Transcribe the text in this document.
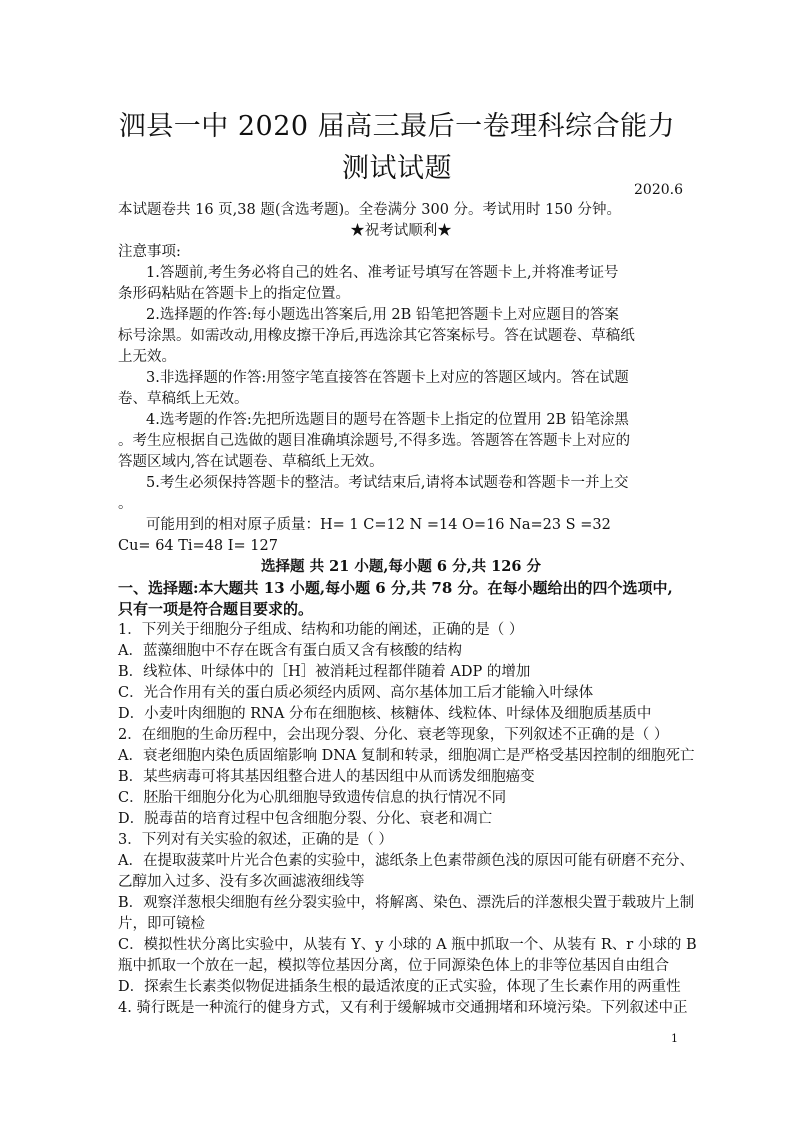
泗县一中 2020 届高三最后一卷理科综合能力
测试试题
2020.6
本试题卷共 16 页,38 题(含选考题)。全卷满分 300 分。考试用时 150 分钟。
★祝考试顺利★
注意事项:
1.答题前,考生务必将自己的姓名、准考证号填写在答题卡上,并将准考证号
条形码粘贴在答题卡上的指定位置。
2.选择题的作答:每小题选出答案后,用 2B 铅笔把答题卡上对应题目的答案
标号涂黑。如需改动,用橡皮擦干净后,再选涂其它答案标号。答在试题卷、草稿纸
上无效。
3.非选择题的作答:用签字笔直接答在答题卡上对应的答题区域内。答在试题
卷、草稿纸上无效。
4.选考题的作答:先把所选题目的题号在答题卡上指定的位置用 2B 铅笔涂黑
。考生应根据自己选做的题目准确填涂题号,不得多选。答题答在答题卡上对应的
答题区域内,答在试题卷、草稿纸上无效。
5.考生必须保持答题卡的整洁。考试结束后,请将本试题卷和答题卡一并上交
。
可能用到的相对原子质量：H= 1 C=12 N =14 O=16 Na=23 S =32
Cu= 64 Ti=48 I= 127
选择题 共 21 小题,每小题 6 分,共 126 分
一、选择题:本大题共 13 小题,每小题 6 分,共 78 分。在每小题给出的四个选项中,
只有一项是符合题目要求的。
1．下列关于细胞分子组成、结构和功能的阐述，正确的是（ ）
A．蓝藻细胞中不存在既含有蛋白质又含有核酸的结构
B．线粒体、叶绿体中的［H］被消耗过程都伴随着 ADP 的增加
C．光合作用有关的蛋白质必须经内质网、高尔基体加工后才能输入叶绿体
D．小麦叶肉细胞的 RNA 分布在细胞核、核糖体、线粒体、叶绿体及细胞质基质中
2．在细胞的生命历程中，会出现分裂、分化、衰老等现象，下列叙述不正确的是（ ）
A．衰老细胞内染色质固缩影响 DNA 复制和转录，细胞凋亡是严格受基因控制的细胞死亡
B．某些病毒可将其基因组整合进人的基因组中从而诱发细胞癌变
C．胚胎干细胞分化为心肌细胞导致遗传信息的执行情况不同
D．脱毒苗的培育过程中包含细胞分裂、分化、衰老和凋亡
3．下列对有关实验的叙述，正确的是（ ）
A．在提取菠菜叶片光合色素的实验中，滤纸条上色素带颜色浅的原因可能有研磨不充分、
乙醇加入过多、没有多次画滤液细线等
B．观察洋葱根尖细胞有丝分裂实验中，将解离、染色、漂洗后的洋葱根尖置于载玻片上制
片，即可镜检
C．模拟性状分离比实验中，从装有 Y、y 小球的 A 瓶中抓取一个、从装有 R、r 小球的 B
瓶中抓取一个放在一起，模拟等位基因分离，位于同源染色体上的非等位基因自由组合
D．探索生长素类似物促进插条生根的最适浓度的正式实验，体现了生长素作用的两重性
4. 骑行既是一种流行的健身方式，又有利于缓解城市交通拥堵和环境污染。下列叙述中正
1
